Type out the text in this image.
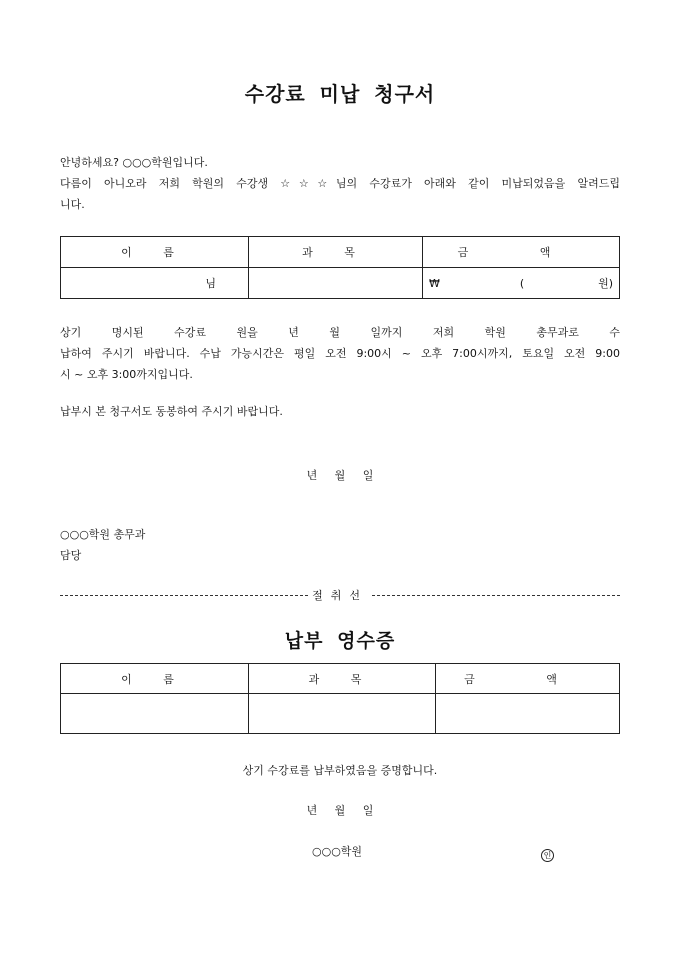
수강료 미납 청구서
안녕하세요? ○○○학원입니다.
다름이 아니오라 저희 학원의 수강생 ☆☆☆님의 수강료가 아래와 같이 미납되었음을 알려드립
니다.
이 름	과 목	금 액
님		₩ ( 원)
상기 명시된 수강료 원을 년 월 일까지 저희 학원 총무과로 수
납하여 주시기 바랍니다. 수납 가능시간은 평일 오전 9:00시 ~ 오후 7:00시까지, 토요일 오전 9:00
시 ~ 오후 3:00까지입니다.
납부시 본 청구서도 동봉하여 주시기 바랍니다.
년 월 일
○○○학원 총무과
담당
절취선
납부 영수증
이 름	과 목	금 액

상기 수강료를 납부하였음을 증명합니다.
년 월 일
○○○학원	인
